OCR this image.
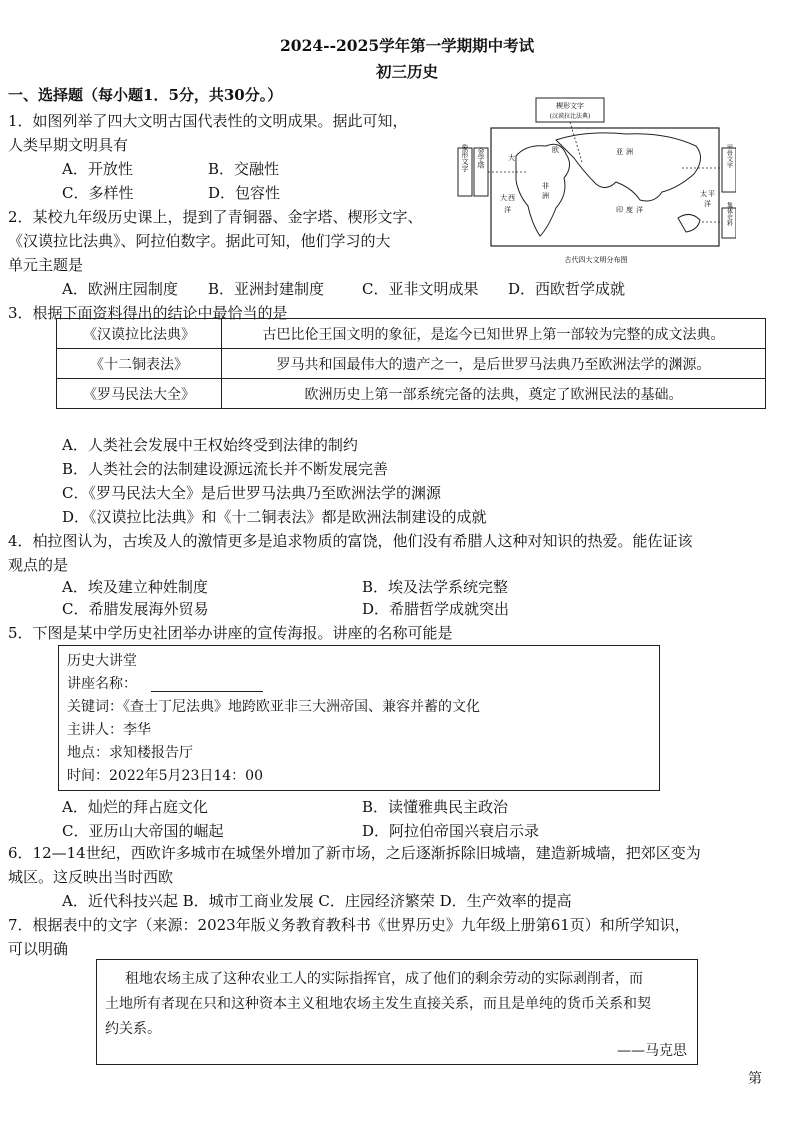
2024--2025学年第一学期期中考试
初三历史
一、选择题（每小题1．5分，共30分。）
楔形文字
(汉谟拉比法典)
象形文字 金字塔	甲骨文字
集体史料
大
欧	亚 洲
非
洲
印 度 洋
太 平
洋
大 西
洋
古代四大文明分布图
1．如图列举了四大文明古国代表性的文明成果。据此可知，
人类早期文明具有
A．开放性	B．交融性
C．多样性	D．包容性
2．某校九年级历史课上，提到了青铜器、金字塔、楔形文字、
《汉谟拉比法典》、阿拉伯数字。据此可知，他们学习的大
单元主题是
A．欧洲庄园制度 B．亚洲封建制度	C．亚非文明成果 D．西欧哲学成就
3．根据下面资料得出的结论中最恰当的是
《汉谟拉比法典》	古巴比伦王国文明的象征，是迄今已知世界上第一部较为完整的成文法典。
《十二铜表法》	罗马共和国最伟大的遗产之一，是后世罗马法典乃至欧洲法学的渊源。
《罗马民法大全》	欧洲历史上第一部系统完备的法典，奠定了欧洲民法的基础。
A．人类社会发展中王权始终受到法律的制约
B．人类社会的法制建设源远流长并不断发展完善
C．《罗马民法大全》是后世罗马法典乃至欧洲法学的渊源
D．《汉谟拉比法典》和《十二铜表法》都是欧洲法制建设的成就
4．柏拉图认为，古埃及人的激情更多是追求物质的富饶，他们没有希腊人这种对知识的热爱。能佐证该
观点的是
A．埃及建立种姓制度	B．埃及法学系统完整
C．希腊发展海外贸易	D．希腊哲学成就突出
5．下图是某中学历史社团举办讲座的宣传海报。讲座的名称可能是
历史大讲堂
讲座名称：
关键词：《查士丁尼法典》地跨欧亚非三大洲帝国、兼容并蓄的文化
主讲人：李华
地点：求知楼报告厅
时间：2022年5月23日14：00
A．灿烂的拜占庭文化	B．读懂雅典民主政治
C．亚历山大帝国的崛起	D．阿拉伯帝国兴衰启示录
6．12—14世纪，西欧许多城市在城堡外增加了新市场，之后逐渐拆除旧城墙，建造新城墙，把郊区变为
城区。这反映出当时西欧
A．近代科技兴起 B．城市工商业发展 C．庄园经济繁荣 D．生产效率的提高
7．根据表中的文字（来源：2023年版义务教育教科书《世界历史》九年级上册第61页）和所学知识，
可以明确
租地农场主成了这种农业工人的实际指挥官，成了他们的剩余劳动的实际剥削者，而
土地所有者现在只和这种资本主义租地农场主发生直接关系，而且是单纯的货币关系和契
约关系。
——马克思
第
